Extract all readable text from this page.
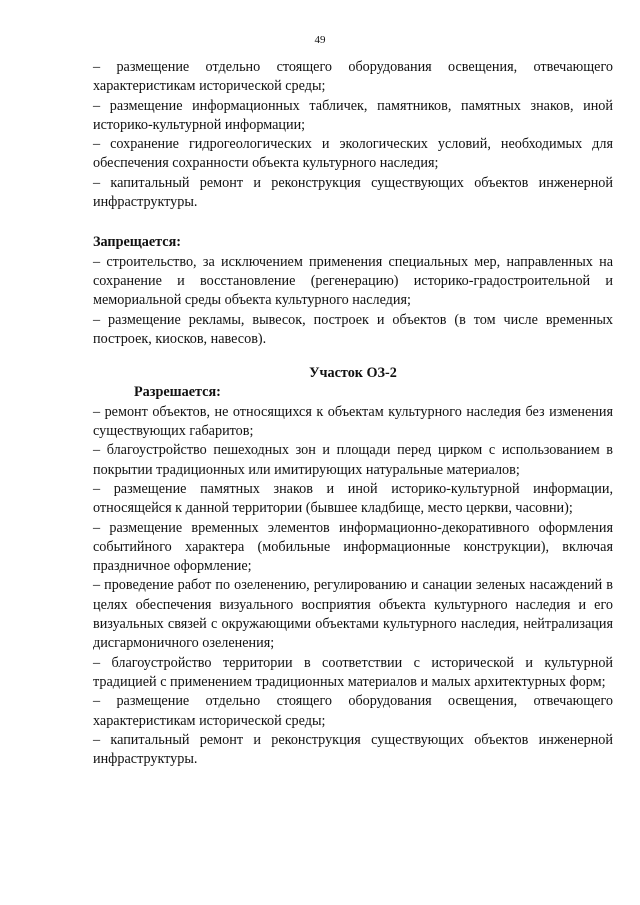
49

– размещение отдельно стоящего оборудования освещения, отвечающего характеристикам исторической среды;

– размещение информационных табличек, памятников, памятных знаков, иной историко-культурной информации;

– сохранение гидрогеологических и экологических условий, необходимых для обеспечения сохранности объекта культурного наследия;

– капитальный ремонт и реконструкция существующих объектов инженерной инфраструктуры.

Запрещается:

– строительство, за исключением применения специальных мер, направленных на сохранение и восстановление (регенерацию) историко-градостроительной и мемориальной среды объекта культурного наследия;

– размещение рекламы, вывесок, построек и объектов (в том числе временных построек, киосков, навесов).

Участок ОЗ-2

Разрешается:

– ремонт объектов, не относящихся к объектам культурного наследия без изменения существующих габаритов;

– благоустройство пешеходных зон и площади перед цирком с использованием в покрытии традиционных или имитирующих натуральные материалов;

– размещение памятных знаков и иной историко-культурной информации, относящейся к данной территории (бывшее кладбище, место церкви, часовни);

– размещение временных элементов информационно-декоративного оформления событийного характера (мобильные информационные конструкции), включая праздничное оформление;

– проведение работ по озеленению, регулированию и санации зеленых насаждений в целях обеспечения визуального восприятия объекта культурного наследия и его визуальных связей с окружающими объектами культурного наследия, нейтрализация дисгармоничного озеленения;

– благоустройство территории в соответствии с исторической и культурной традицией с применением традиционных материалов и малых архитектурных форм;

– размещение отдельно стоящего оборудования освещения, отвечающего характеристикам исторической среды;

– капитальный ремонт и реконструкция существующих объектов инженерной инфраструктуры.
